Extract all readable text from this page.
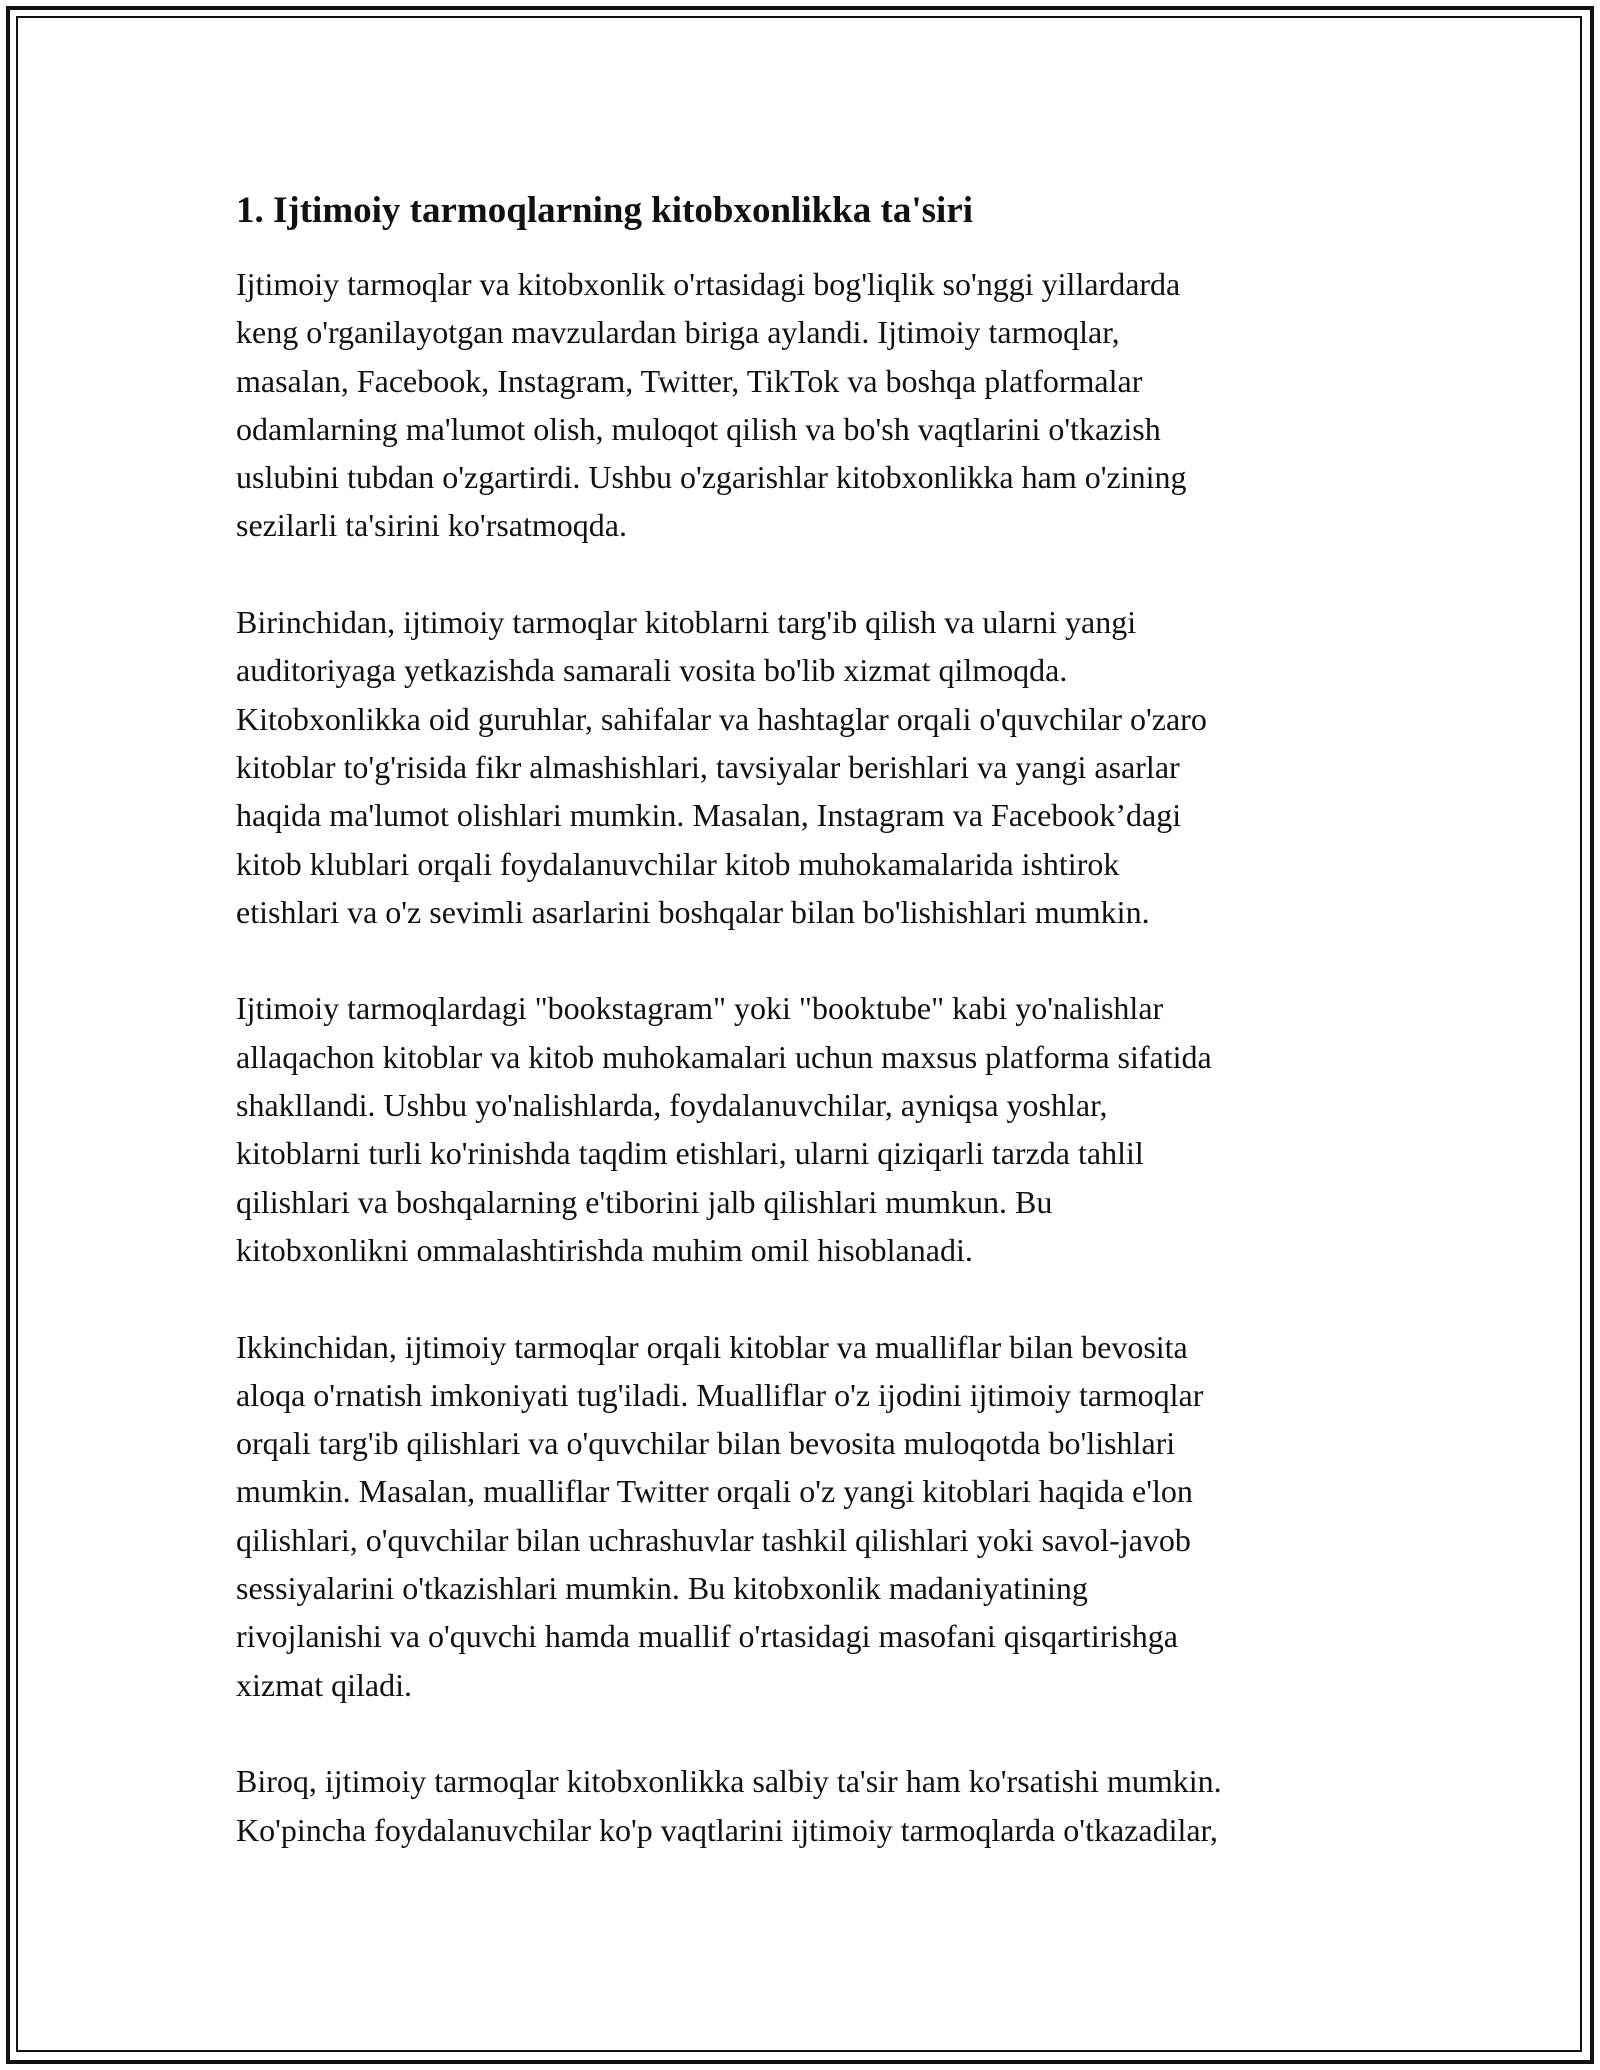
1. Ijtimoiy tarmoqlarning kitobxonlikka ta'siri

Ijtimoiy tarmoqlar va kitobxonlik o'rtasidagi bog'liqlik so'nggi yillardarda
keng o'rganilayotgan mavzulardan biriga aylandi. Ijtimoiy tarmoqlar,
masalan, Facebook, Instagram, Twitter, TikTok va boshqa platformalar
odamlarning ma'lumot olish, muloqot qilish va bo'sh vaqtlarini o'tkazish
uslubini tubdan o'zgartirdi. Ushbu o'zgarishlar kitobxonlikka ham o'zining
sezilarli ta'sirini ko'rsatmoqda.

Birinchidan, ijtimoiy tarmoqlar kitoblarni targ'ib qilish va ularni yangi
auditoriyaga yetkazishda samarali vosita bo'lib xizmat qilmoqda.
Kitobxonlikka oid guruhlar, sahifalar va hashtaglar orqali o'quvchilar o'zaro
kitoblar to'g'risida fikr almashishlari, tavsiyalar berishlari va yangi asarlar
haqida ma'lumot olishlari mumkin. Masalan, Instagram va Facebook’dagi
kitob klublari orqali foydalanuvchilar kitob muhokamalarida ishtirok
etishlari va o'z sevimli asarlarini boshqalar bilan bo'lishishlari mumkin.

Ijtimoiy tarmoqlardagi "bookstagram" yoki "booktube" kabi yo'nalishlar
allaqachon kitoblar va kitob muhokamalari uchun maxsus platforma sifatida
shakllandi. Ushbu yo'nalishlarda, foydalanuvchilar, ayniqsa yoshlar,
kitoblarni turli ko'rinishda taqdim etishlari, ularni qiziqarli tarzda tahlil
qilishlari va boshqalarning e'tiborini jalb qilishlari mumkun. Bu
kitobxonlikni ommalashtirishda muhim omil hisoblanadi.

Ikkinchidan, ijtimoiy tarmoqlar orqali kitoblar va mualliflar bilan bevosita
aloqa o'rnatish imkoniyati tug'iladi. Mualliflar o'z ijodini ijtimoiy tarmoqlar
orqali targ'ib qilishlari va o'quvchilar bilan bevosita muloqotda bo'lishlari
mumkin. Masalan, mualliflar Twitter orqali o'z yangi kitoblari haqida e'lon
qilishlari, o'quvchilar bilan uchrashuvlar tashkil qilishlari yoki savol-javob
sessiyalarini o'tkazishlari mumkin. Bu kitobxonlik madaniyatining
rivojlanishi va o'quvchi hamda muallif o'rtasidagi masofani qisqartirishga
xizmat qiladi.

Biroq, ijtimoiy tarmoqlar kitobxonlikka salbiy ta'sir ham ko'rsatishi mumkin.
Ko'pincha foydalanuvchilar ko'p vaqtlarini ijtimoiy tarmoqlarda o'tkazadilar,
